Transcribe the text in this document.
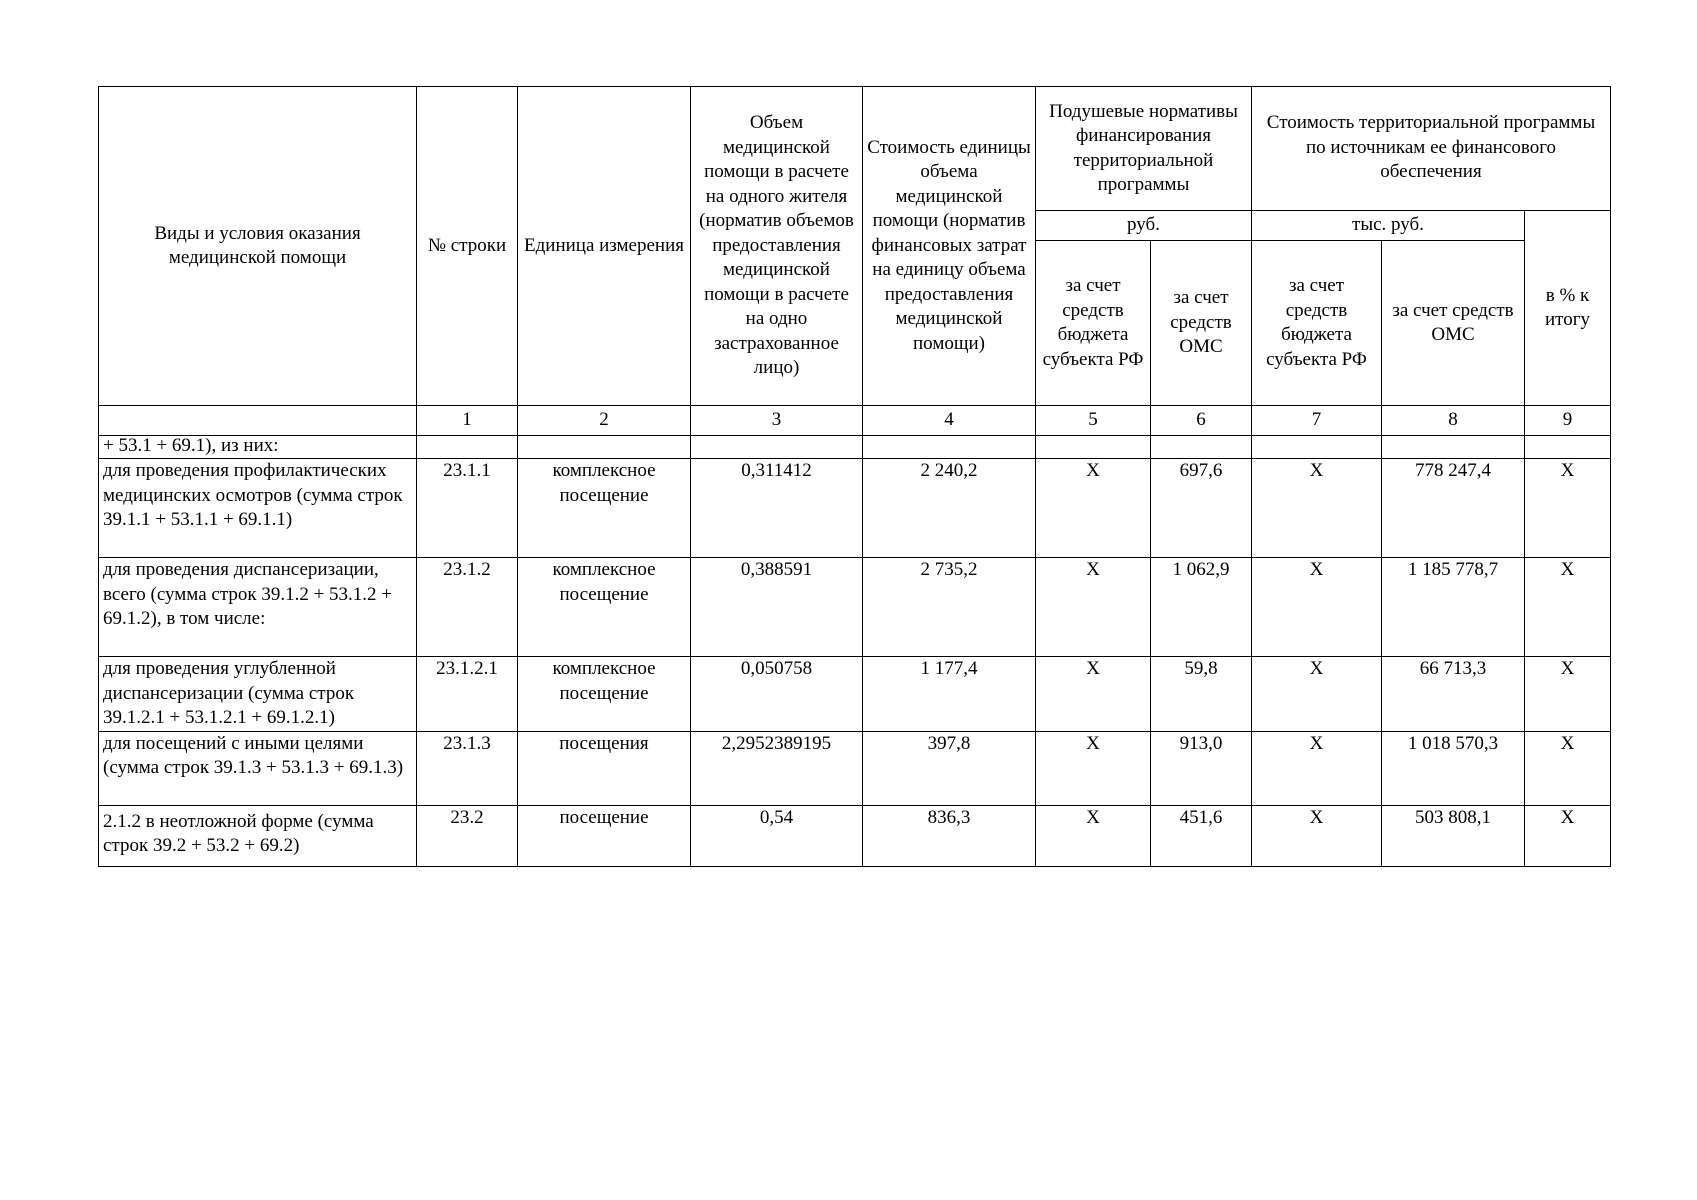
Виды и условия оказания медицинской помощи	№ строки	Единица измерения	Объем медицинской помощи в расчете на одного жителя (норматив объемов предоставления медицинской помощи в расчете на одно застрахованное лицо)	Стоимость единицы объема медицинской помощи (норматив финансовых затрат на единицу объема предоставления медицинской помощи)	Подушевые нормативы финансирования территориальной программы		Стоимость территориальной программы по источникам ее финансового обеспечения		
					руб.		тыс. руб.		в % к итогу
					за счет средств бюджета субъекта РФ	за счет средств ОМС	за счет средств бюджета субъекта РФ	за счет средств ОМС	
	1	2	3	4	5	6	7	8	9
+ 53.1 + 69.1), из них:									
для проведения профилактических медицинских осмотров (сумма строк 39.1.1 + 53.1.1 + 69.1.1)	23.1.1	комплексное посещение	0,311412	2 240,2	X	697,6	X	778 247,4	X
для проведения диспансеризации, всего (сумма строк 39.1.2 + 53.1.2 + 69.1.2), в том числе:	23.1.2	комплексное посещение	0,388591	2 735,2	X	1 062,9	X	1 185 778,7	X
для проведения углубленной диспансеризации (сумма строк 39.1.2.1 + 53.1.2.1 + 69.1.2.1)	23.1.2.1	комплексное посещение	0,050758	1 177,4	X	59,8	X	66 713,3	X
для посещений с иными целями (сумма строк 39.1.3 + 53.1.3 + 69.1.3)	23.1.3	посещения	2,2952389195	397,8	X	913,0	X	1 018 570,3	X
2.1.2 в неотложной форме (сумма строк 39.2 + 53.2 + 69.2)	23.2	посещение	0,54	836,3	X	451,6	X	503 808,1	X
